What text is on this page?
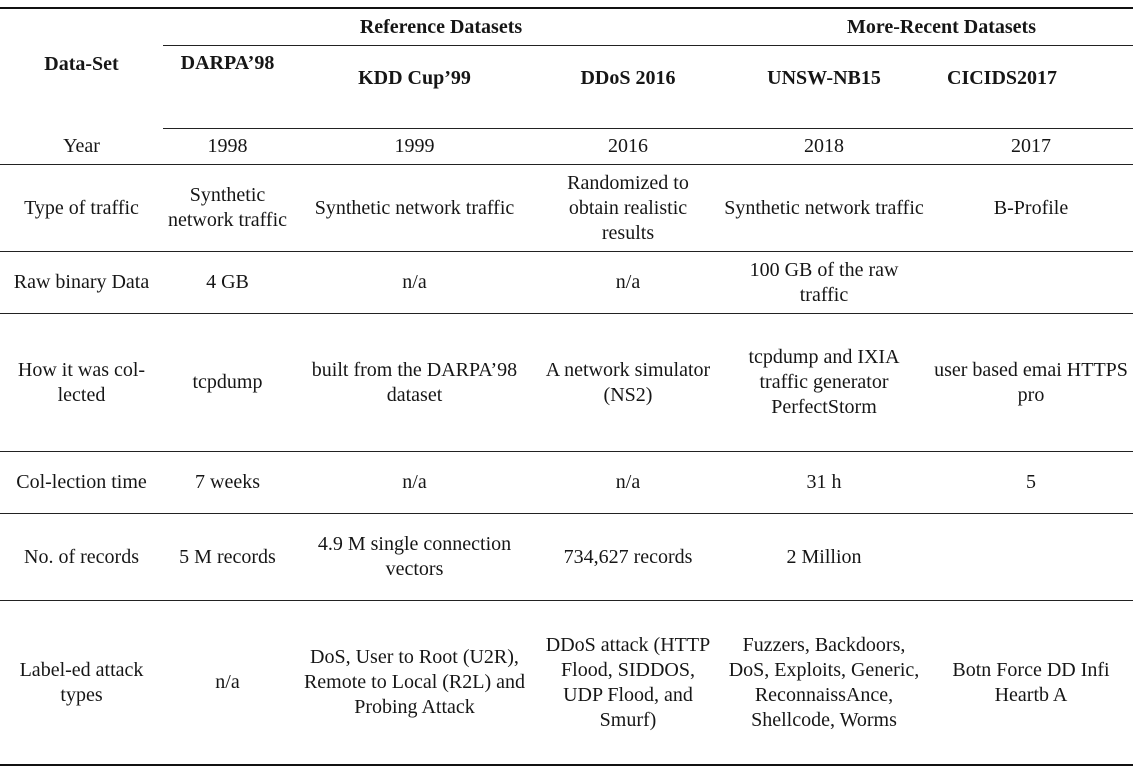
Data-Set	Reference Datasets			More-Recent Datasets	
	DARPA’98	KDD Cup’99	DDoS 2016	UNSW-NB15	CICIDS2017
Year	1998	1999	2016	2018	2017
Type of traffic	Synthetic network traffic	Synthetic network traffic	Randomized to obtain realistic results	Synthetic network traffic	B-Profile
Raw binary Data	4 GB	n/a	n/a	100 GB of the raw traffic	
How it was col-lected	tcpdump	built from the DARPA’98 dataset	A network simulator (NS2)	tcpdump and IXIA traffic generator PerfectStorm	user based emai HTTPS pro
Col-lection time	7 weeks	n/a	n/a	31 h	5
No. of records	5 M records	4.9 M single connection vectors	734,627 records	2 Million	
Label-ed attack types	n/a	DoS, User to Root (U2R), Remote to Local (R2L) and Probing Attack	DDoS attack (HTTP Flood, SIDDOS, UDP Flood, and Smurf)	Fuzzers, Backdoors, DoS, Exploits, Generic, ReconnaissAnce, Shellcode, Worms	Botn Force DD Infi Heartb A
